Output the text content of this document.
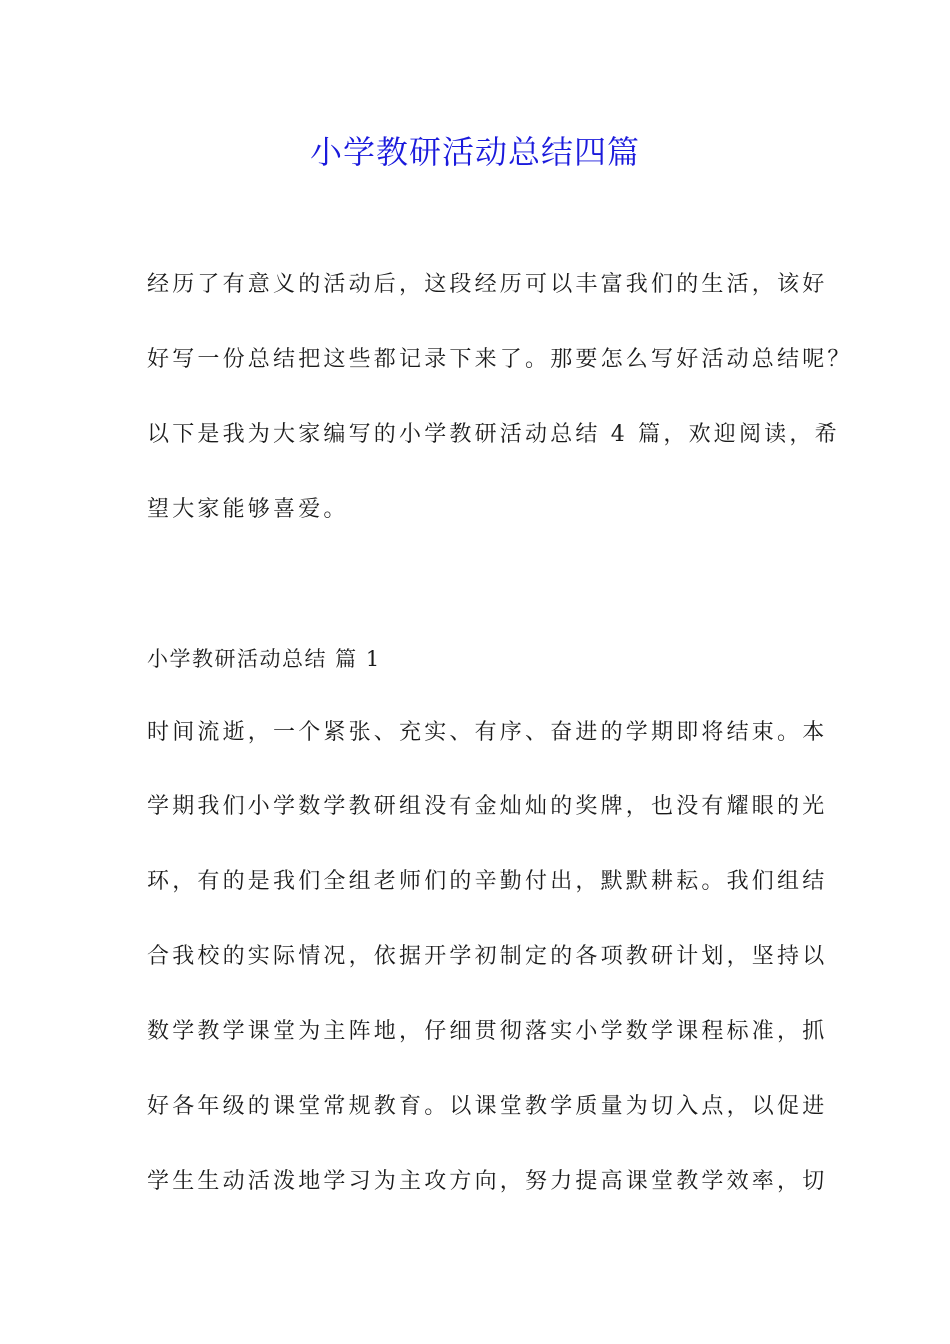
小学教研活动总结四篇
经历了有意义的活动后，这段经历可以丰富我们的生活，该好
好写一份总结把这些都记录下来了。那要怎么写好活动总结呢？
以下是我为大家编写的小学教研活动总结 4 篇，欢迎阅读，希
望大家能够喜爱。
小学教研活动总结 篇 1
时间流逝，一个紧张、充实、有序、奋进的学期即将结束。本
学期我们小学数学教研组没有金灿灿的奖牌，也没有耀眼的光
环，有的是我们全组老师们的辛勤付出，默默耕耘。我们组结
合我校的实际情况，依据开学初制定的各项教研计划，坚持以
数学教学课堂为主阵地，仔细贯彻落实小学数学课程标准，抓
好各年级的课堂常规教育。以课堂教学质量为切入点，以促进
学生生动活泼地学习为主攻方向，努力提高课堂教学效率，切
